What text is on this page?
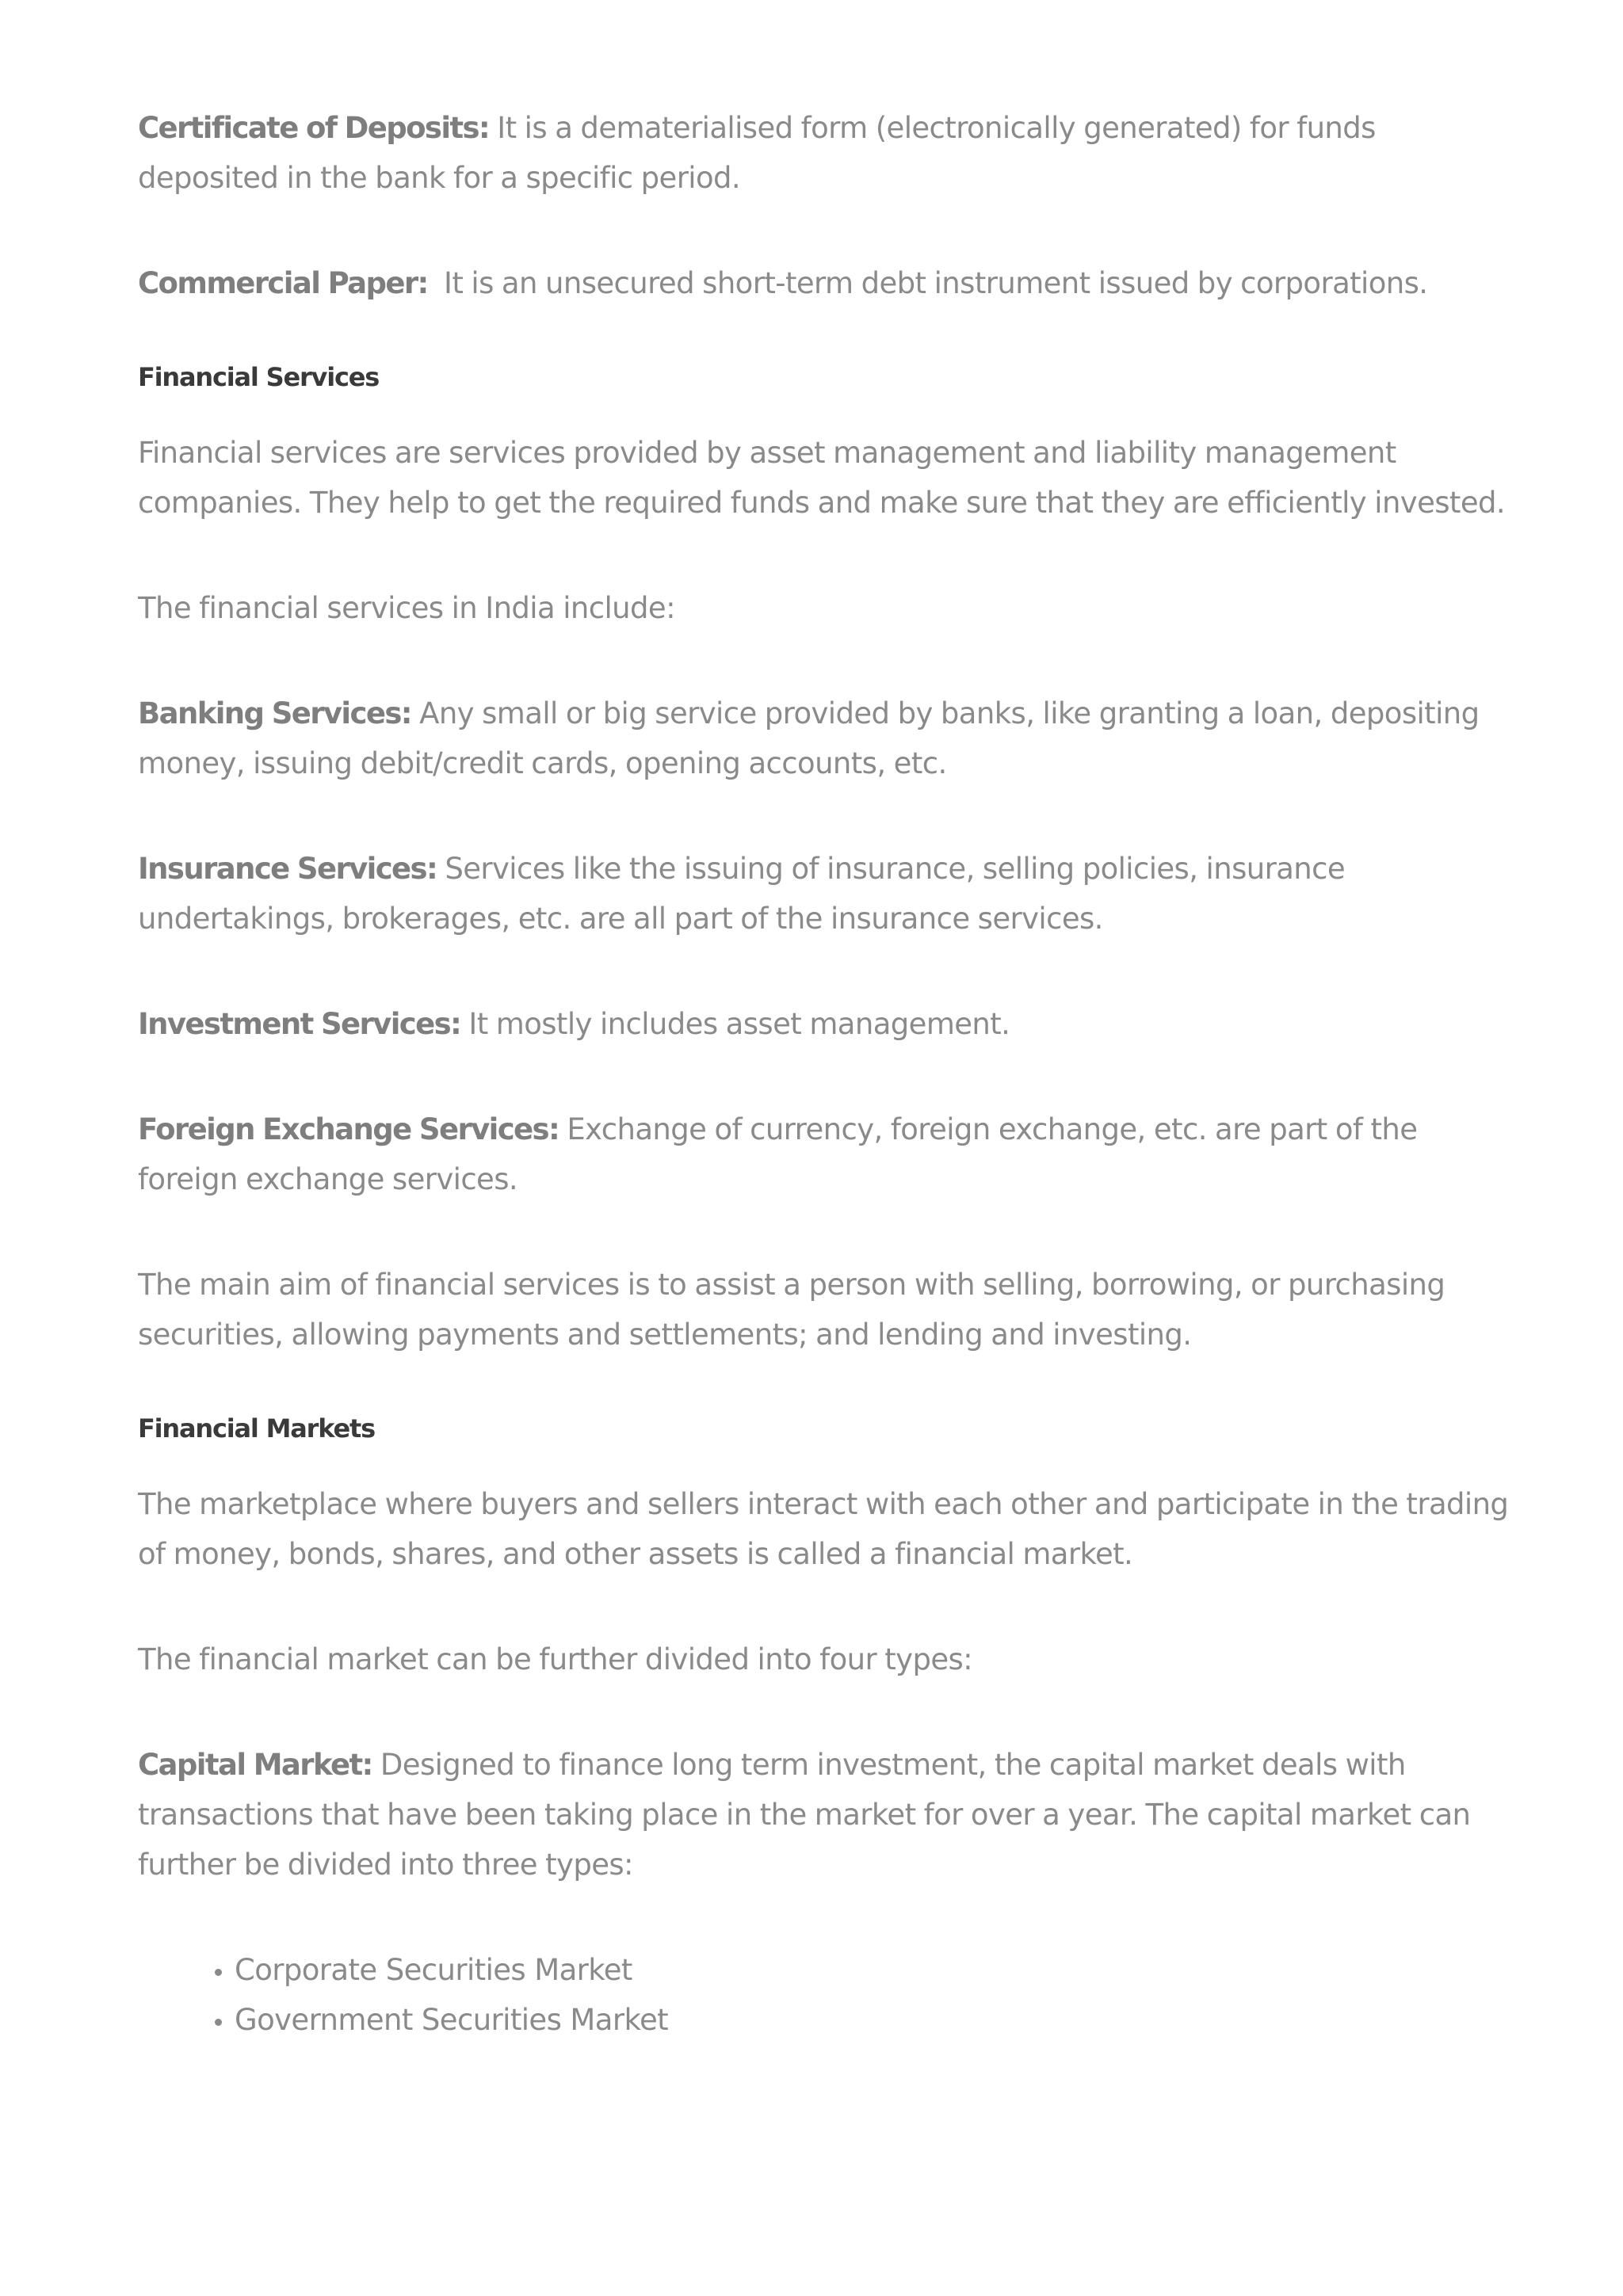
Certificate of Deposits: It is a dematerialised form (electronically generated) for funds deposited in the bank for a specific period.

Commercial Paper:  It is an unsecured short-term debt instrument issued by corporations.

Financial Services

Financial services are services provided by asset management and liability management companies. They help to get the required funds and make sure that they are efficiently invested.

The financial services in India include:

Banking Services: Any small or big service provided by banks, like granting a loan, depositing money, issuing debit/credit cards, opening accounts, etc.

Insurance Services: Services like the issuing of insurance, selling policies, insurance undertakings, brokerages, etc. are all part of the insurance services.

Investment Services: It mostly includes asset management.

Foreign Exchange Services: Exchange of currency, foreign exchange, etc. are part of the foreign exchange services.

The main aim of financial services is to assist a person with selling, borrowing, or purchasing securities, allowing payments and settlements; and lending and investing.

Financial Markets

The marketplace where buyers and sellers interact with each other and participate in the trading of money, bonds, shares, and other assets is called a financial market.

The financial market can be further divided into four types:

Capital Market: Designed to finance long term investment, the capital market deals with transactions that have been taking place in the market for over a year. The capital market can further be divided into three types:

• Corporate Securities Market
• Government Securities Market
